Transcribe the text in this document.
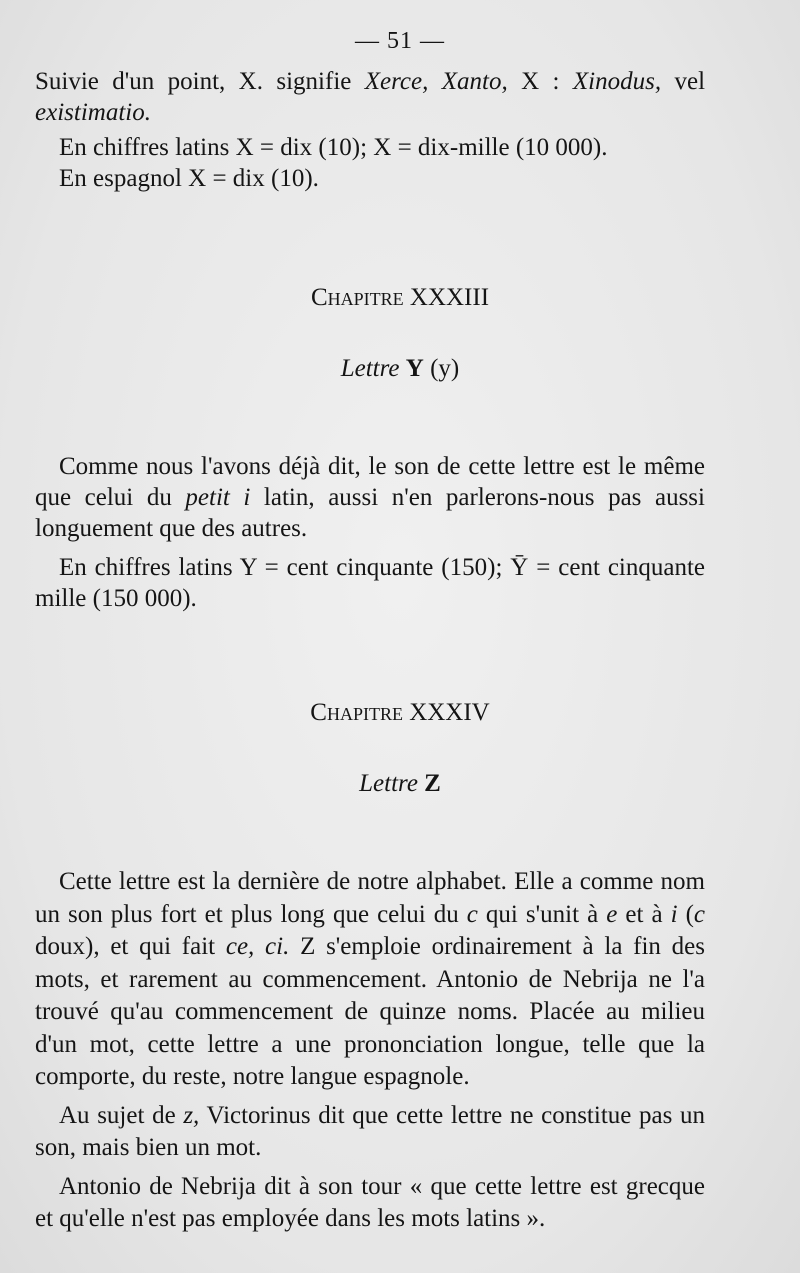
— 51 —

Suivie d'un point, X. signifie Xerce, Xanto, X : Xinodus, vel existimatio.

En chiffres latins X = dix (10); X = dix-mille (10 000).

En espagnol X = dix (10).

Chapitre XXXIII
Lettre Y (y)

Comme nous l'avons déjà dit, le son de cette lettre est le même que celui du petit i latin, aussi n'en parlerons-nous pas aussi longuement que des autres.

En chiffres latins Y = cent cinquante (150); Ȳ = cent cinquante mille (150 000).

Chapitre XXXIV
Lettre Z

Cette lettre est la dernière de notre alphabet. Elle a comme nom un son plus fort et plus long que celui du c qui s'unit à e et à i (c doux), et qui fait ce, ci. Z s'emploie ordinairement à la fin des mots, et rarement au commencement. Antonio de Nebrija ne l'a trouvé qu'au commencement de quinze noms. Placée au milieu d'un mot, cette lettre a une prononciation longue, telle que la comporte, du reste, notre langue espagnole.

Au sujet de z, Victorinus dit que cette lettre ne constitue pas un son, mais bien un mot.

Antonio de Nebrija dit à son tour « que cette lettre est grecque et qu'elle n'est pas employée dans les mots latins ».
